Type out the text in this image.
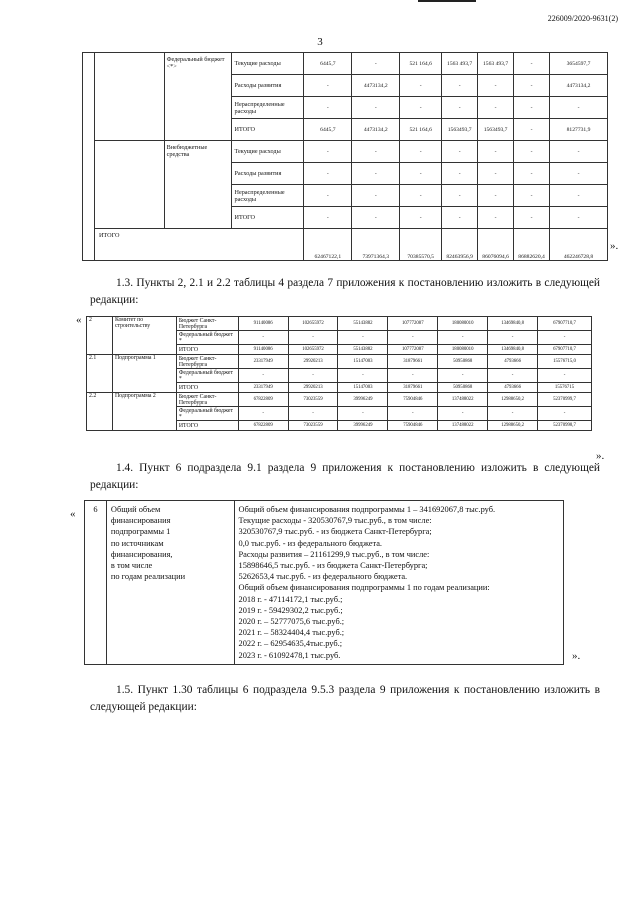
226009/2020-9631(2)
3
		Федеральный бюджет <*>	Текущие расходы	6445,7	-	521 164,6	1563 493,7	1563 493,7	-	3654597,7
			Расходы развития	-	4473134,2	-	-	-	-	4473134,2
			Нераспределенные расходы	-	-	-	-	-	-	-
			ИТОГО	6445,7	4473134,2	521 164,6	1563493,7	1563493,7	-	8127731,9
		Внебюджетные средства	Текущие расходы	-	-	-	-	-	-	-
			Расходы развития	-	-	-	-	-	-	-
			Нераспределенные расходы	-	-	-	-	-	-	-
			ИТОГО	-	-	-	-	-	-	-
	ИТОГО			62467122,1	73971364,3	70385570,5	82463956,9	86076094,6	86882620,4	462246728,8
».
1.3. Пункты 2, 2.1 и 2.2 таблицы 4 раздела 7 приложения к постановлению изложить в следующей редакции:
« 2	Комитет по строительству	Бюджет Санкт-Петербурга	91140086	102655972	55143882	107772087	180080010	13469840,8	67907710,7
		Федеральный бюджет *	-	-	-	-	-	-	-
		ИТОГО	91140086	102655972	55143882	107772087	180080010	13469840,8	67907710,7
2.1	Подпрограмма 1	Бюджет Санкт-Петербурга	23317949	29920213	15147003	31879661	50950868	4793666	15576715,0
		Федеральный бюджет *	-	-	-	-	-	-	-
		ИТОГО	23317949	29920213	15147003	31879661	50950868	4793666	15576715
2.2	Подпрограмма 2	Бюджет Санкт-Петербурга	67822809	73023559	39996249	75904846	137488022	12988650,2	52370999,7
		Федеральный бюджет *	-	-	-	-	-	-	-
		ИТОГО	67822809	73023559	39996249	75904846	137488022	12988650,2	52370998,7
».
1.4. Пункт 6 подраздела 9.1 раздела 9 приложения к постановлению изложить в следующей редакции:
« 6	Общий объем
финансирования
подпрограммы 1
по источникам
финансирования,
в том числе
по годам реализации

Общий объем финансирования подпрограммы 1 – 341692067,8 тыс.руб.
Текущие расходы - 320530767,9 тыс.руб., в том числе:
320530767,9 тыс.руб. - из бюджета Санкт-Петербурга;
0,0 тыс.руб. - из федерального бюджета.
Расходы развития – 21161299,9 тыс.руб., в том числе:
15898646,5 тыс.руб. - из бюджета Санкт-Петербурга;
5262653,4 тыс.руб. - из федерального бюджета.
Общий объем финансирования подпрограммы 1 по годам реализации:
2018 г. - 47114172,1 тыс.руб.;
2019 г. - 59429302,2 тыс.руб.;
2020 г. – 52777075,6 тыс.руб.;
2021 г. – 58324404,4 тыс.руб.;
2022 г. – 62954635,4тыс.руб.;
2023 г. - 61092478,1 тыс.руб.	».
1.5. Пункт 1.30 таблицы 6 подраздела 9.5.3 раздела 9 приложения к постановлению изложить в следующей редакции:
